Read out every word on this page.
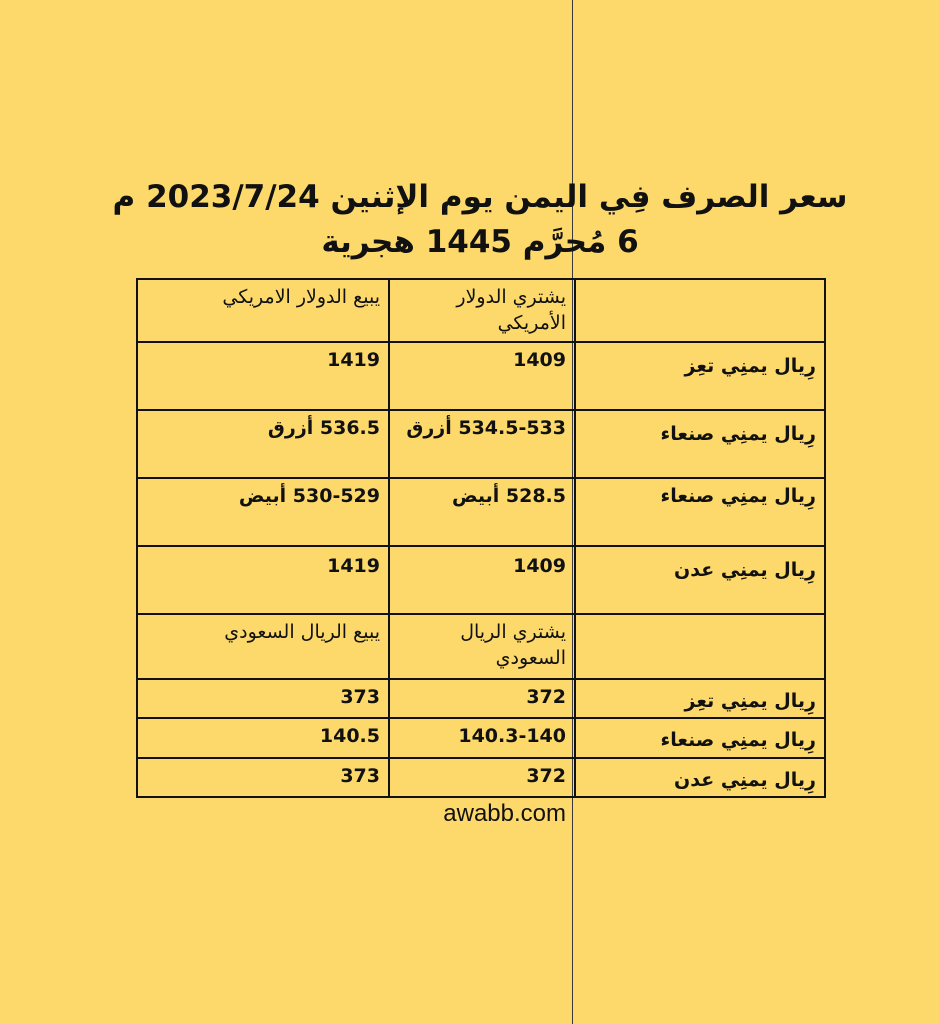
سعر الصرف فِي اليمن يوم الإثنين 2023/7/24 م
6 مُحرَّم 1445 هجرية
	يشتري الدولار الأمريكي	يبيع الدولار الامريكي
رِيال يمنِي تعِز	1409	1419
رِيال يمنِي صنعاء	534.5-533 أزرق	536.5 أزرق
رِيال يمنِي صنعاء	528.5 أبيض	530-529 أبيض
رِيال يمنِي عدن	1409	1419
	يشتري الريال السعودي	يبيع الريال السعودي
رِيال يمنِي تعِز	372	373
رِيال يمنِي صنعاء	140.3-140	140.5
رِيال يمنِي عدن	372	373
awabb.com
